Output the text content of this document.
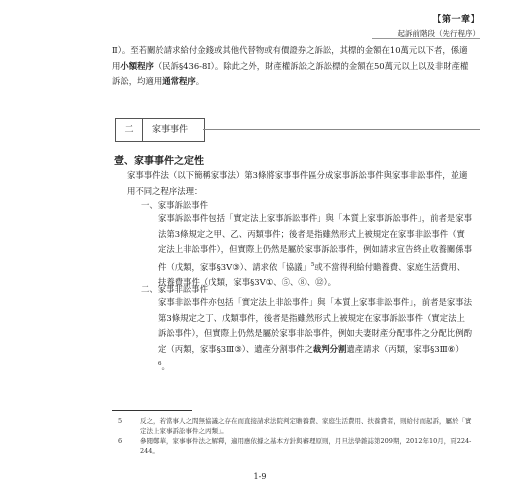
【第一章】
起訴前階段（先行程序）
Ⅱ）。至若關於請求給付金錢或其他代替物或有價證券之訴訟，其標的金額在10萬元以下者，係適用小額程序（民訴§436-8Ⅰ）。除此之外，財產權訴訟之訴訟標的金額在50萬元以上以及非財產權訴訟，均適用通常程序。
二	家事事件
壹、家事事件之定性
家事事件法（以下簡稱家事法）第3條將家事事件區分成家事訴訟事件與家事非訟事件，並適用不同之程序法理：
一、家事訴訟事件
家事訴訟事件包括「實定法上家事訴訟事件」與「本質上家事訴訟事件」，前者是家事法第3條規定之甲、乙、丙類事件；後者是指雖然形式上被規定在家事非訟事件（實定法上非訟事件），但實際上仍然是屬於家事訴訟事件，例如請求宣告終止收養關係事件（戊類，家事§3Ⅴ③）、請求依「協議」$^5$或不當得利給付贍養費、家庭生活費用、扶養費事件（戊類，家事§3Ⅴ①、⑤、⑧、⑫）。
二、家事非訟事件
家事非訟事件亦包括「實定法上非訟事件」與「本質上家事非訟事件」，前者是家事法第3條規定之丁、戊類事件，後者是指雖然形式上被規定在家事訴訟事件（實定法上訴訟事件），但實際上仍然是屬於家事非訟事件，例如夫妻財產分配事件之分配比例酌定（丙類，家事§3Ⅲ③）、遺產分割事件之裁判分割遺產請求（丙類，家事§3Ⅲ⑥）$^6$。
5	反之，若當事人之間無協議之存在而直接請求法院判定贍養費、家庭生活費用、扶養費者，則給付而起訴，屬於「實定法上家事訴訟事件之丙類」。
6	參閱鄭華，家事事件法之解釋，適用應依據之基本方針與審理原則，月旦法學雜誌第209期，2012年10月，頁224-244。
1-9
